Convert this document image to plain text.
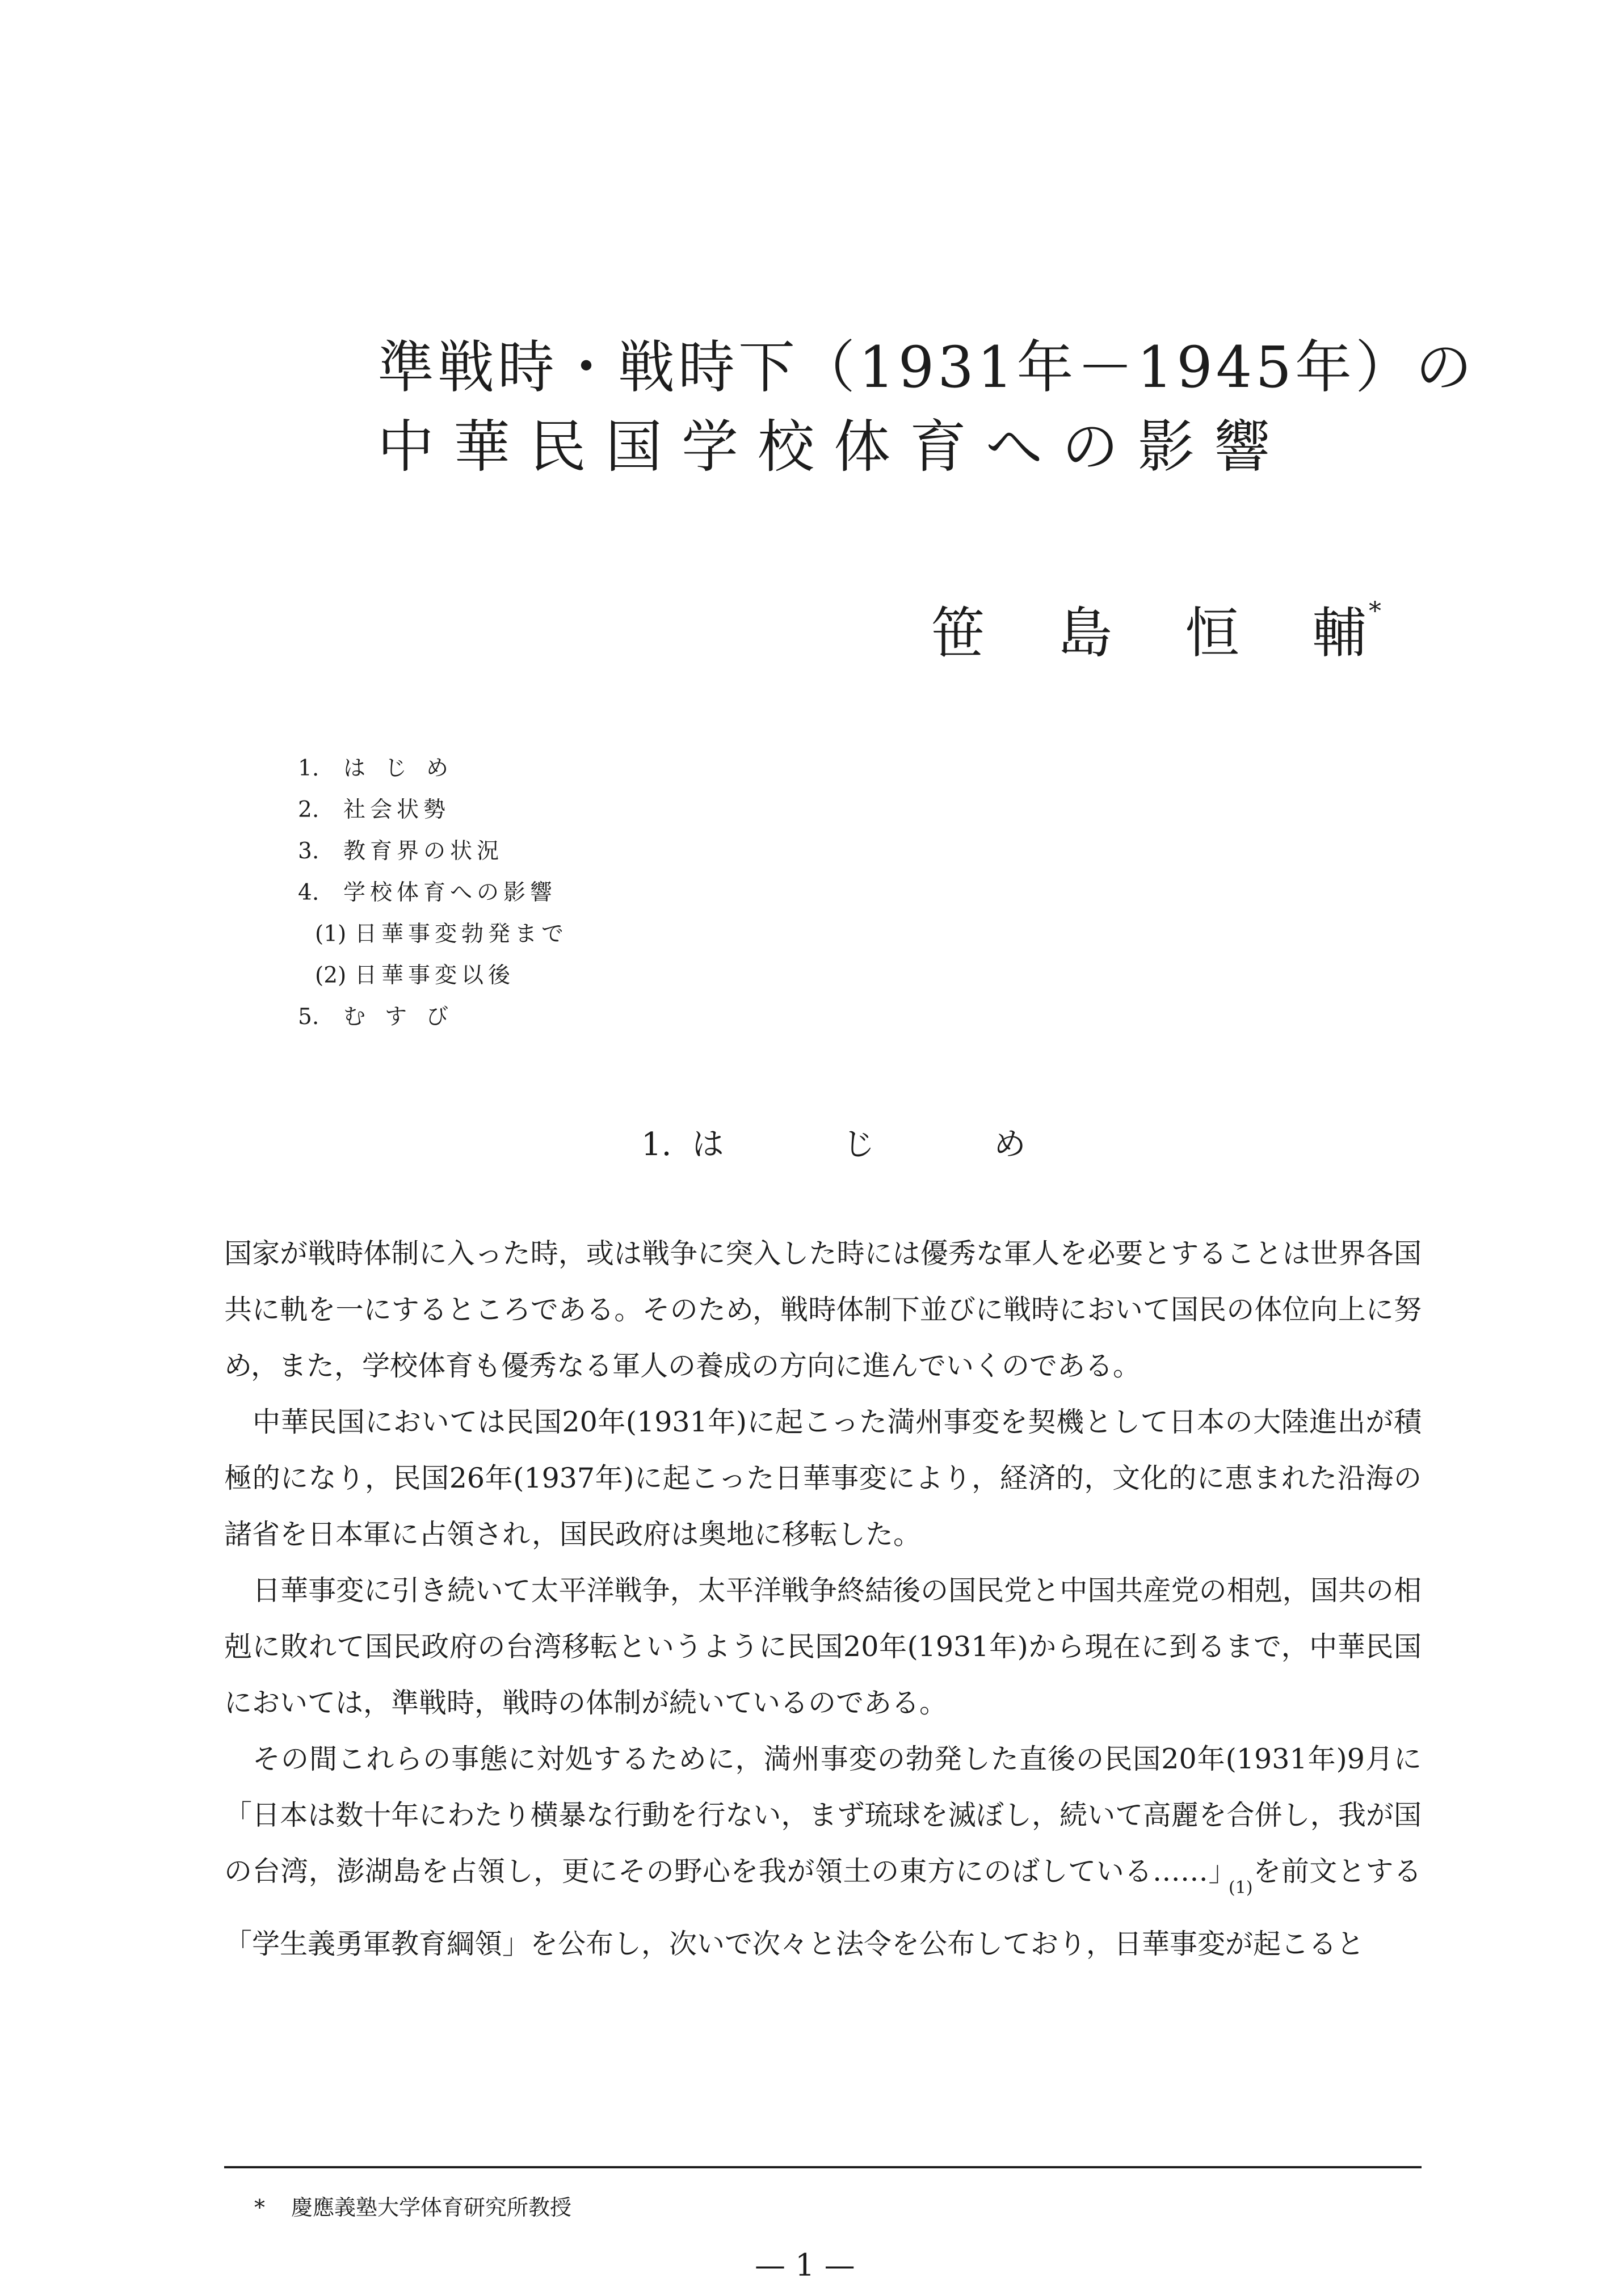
準戦時・戦時下（1931年－1945年）の
中華民国学校体育への影響
笹 島 恒 輔*
1. はじめ
2. 社会状勢
3. 教育界の状況
4. 学校体育への影響
(1) 日華事変勃発まで
(2) 日華事変以後
5. むすび
1. はじめ

国家が戦時体制に入った時，或は戦争に突入した時には優秀な軍人を必要とすることは世界各国共に軌を一にするところである。そのため，戦時体制下並びに戦時において国民の体位向上に努め，また，学校体育も優秀なる軍人の養成の方向に進んでいくのである。

中華民国においては民国20年(1931年)に起こった満州事変を契機として日本の大陸進出が積極的になり，民国26年(1937年)に起こった日華事変により，経済的，文化的に恵まれた沿海の諸省を日本軍に占領され，国民政府は奥地に移転した。

日華事変に引き続いて太平洋戦争，太平洋戦争終結後の国民党と中国共産党の相剋，国共の相剋に敗れて国民政府の台湾移転というように民国20年(1931年)から現在に到るまで，中華民国においては，準戦時，戦時の体制が続いているのである。

その間これらの事態に対処するために，満州事変の勃発した直後の民国20年(1931年)9月に「日本は数十年にわたり横暴な行動を行ない，まず琉球を滅ぼし，続いて高麗を合併し，我が国の台湾，澎湖島を占領し，更にその野心を我が領土の東方にのばしている……」$_{(1)}$を前文とする「学生義勇軍教育綱領」を公布し，次いで次々と法令を公布しており，日華事変が起こると

* 慶應義塾大学体育研究所教授
— 1 —
